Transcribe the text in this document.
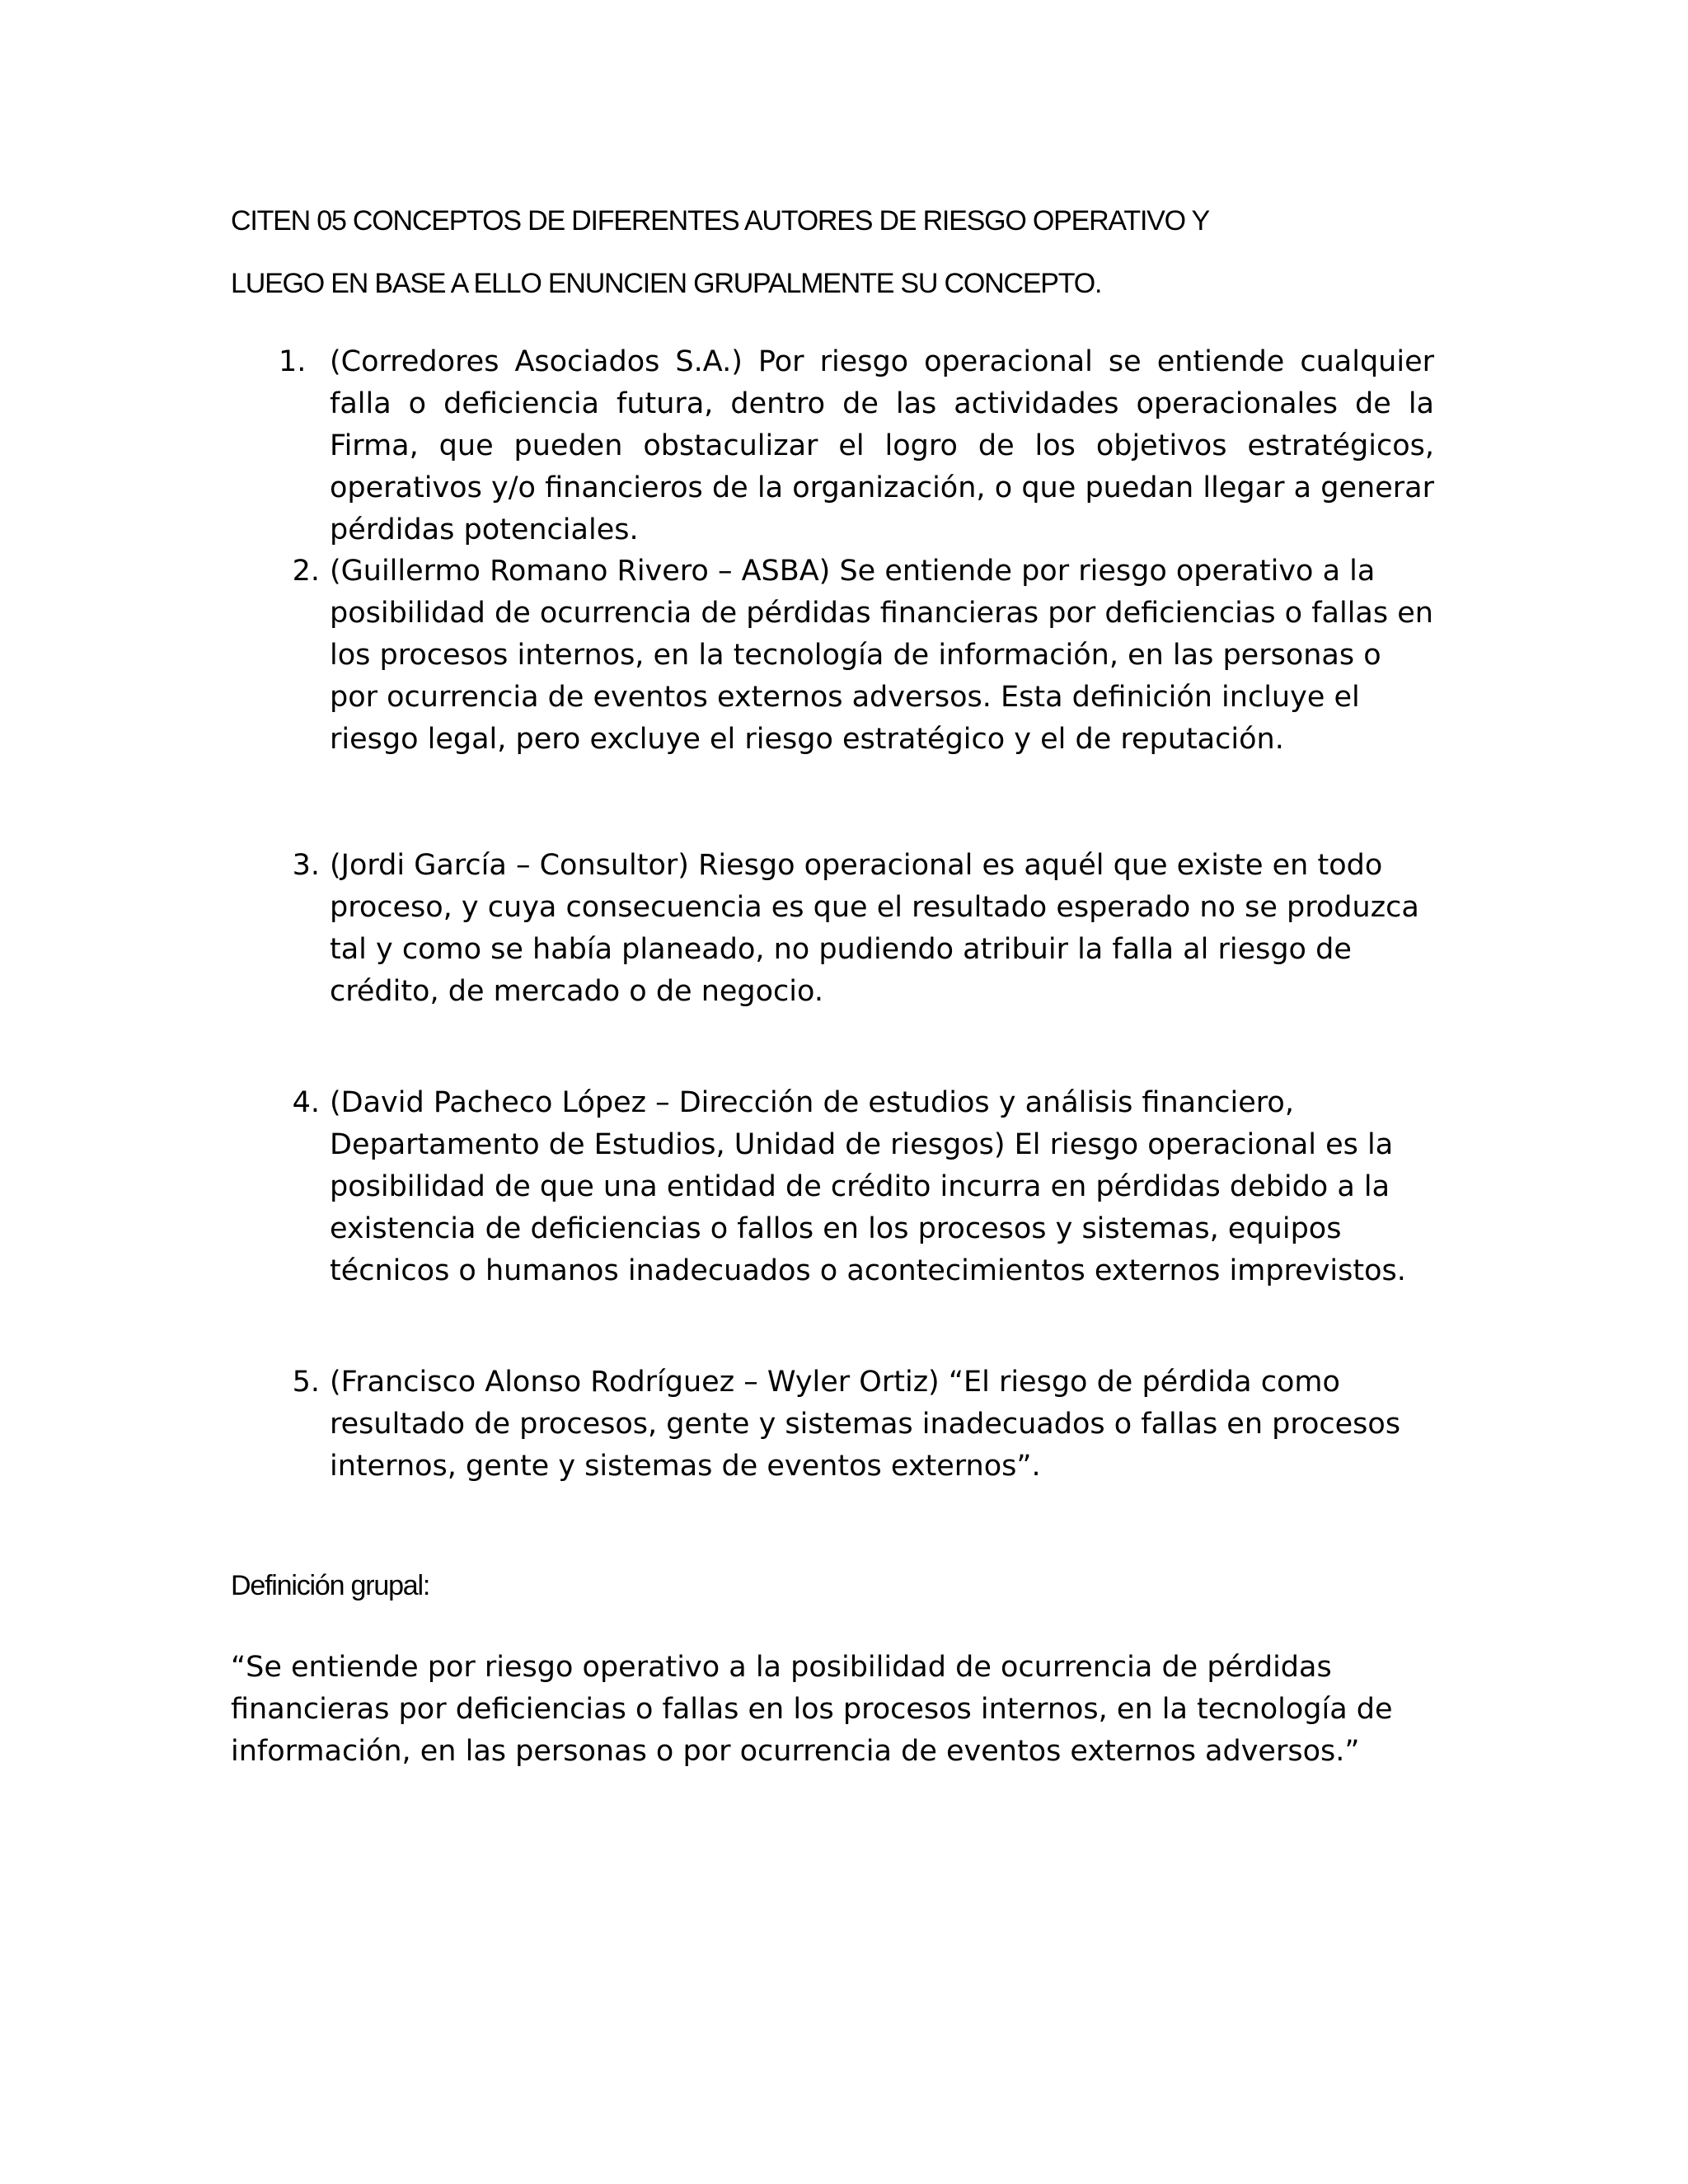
CITEN 05 CONCEPTOS DE DIFERENTES AUTORES DE RIESGO OPERATIVO Y
LUEGO EN BASE A ELLO ENUNCIEN GRUPALMENTE SU CONCEPTO.

1. (Corredores Asociados S.A.) Por riesgo operacional se entiende cualquier falla o deficiencia futura, dentro de las actividades operacionales de la Firma, que pueden obstaculizar el logro de los objetivos estratégicos, operativos y/o financieros de la organización, o que puedan llegar a generar pérdidas potenciales.

2. (Guillermo Romano Rivero – ASBA) Se entiende por riesgo operativo a la posibilidad de ocurrencia de pérdidas financieras por deficiencias o fallas en los procesos internos, en la tecnología de información, en las personas o por ocurrencia de eventos externos adversos. Esta definición incluye el riesgo legal, pero excluye el riesgo estratégico y el de reputación.

3. (Jordi García – Consultor) Riesgo operacional es aquél que existe en todo proceso, y cuya consecuencia es que el resultado esperado no se produzca tal y como se había planeado, no pudiendo atribuir la falla al riesgo de crédito, de mercado o de negocio.

4. (David Pacheco López – Dirección de estudios y análisis financiero, Departamento de Estudios, Unidad de riesgos) El riesgo operacional es la posibilidad de que una entidad de crédito incurra en pérdidas debido a la existencia de deficiencias o fallos en los procesos y sistemas, equipos técnicos o humanos inadecuados o acontecimientos externos imprevistos.

5. (Francisco Alonso Rodríguez – Wyler Ortiz) “El riesgo de pérdida como resultado de procesos, gente y sistemas inadecuados o fallas en procesos internos, gente y sistemas de eventos externos”.

Definición grupal:

“Se entiende por riesgo operativo a la posibilidad de ocurrencia de pérdidas financieras por deficiencias o fallas en los procesos internos, en la tecnología de información, en las personas o por ocurrencia de eventos externos adversos.”
